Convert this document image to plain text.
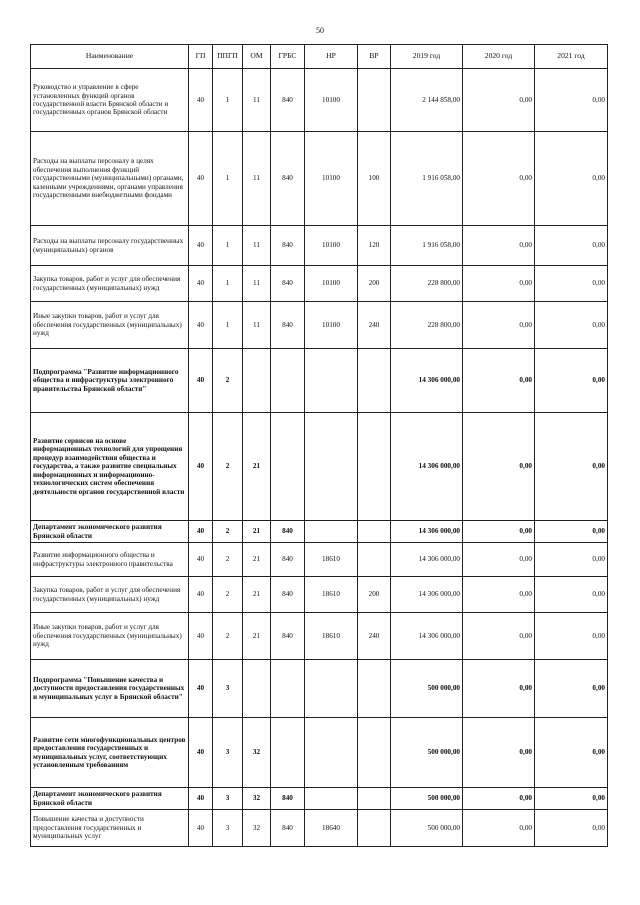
50
Наименование	ГП	ППГП	ОМ	ГРБС	НР	ВР	2019 год	2020 год	2021 год
Руководство и управление в сфере установленных функций органов государственной власти Брянской области и государственных органов Брянской области	40	1	11	840	10100		2 144 858,00	0,00	0,00
Расходы на выплаты персоналу в целях обеспечения выполнения функций государственными (муниципальными) органами, казенными учреждениями, органами управления государственными внебюджетными фондами	40	1	11	840	10100	100	1 916 058,00	0,00	0,00
Расходы на выплаты персоналу государственных (муниципальных) органов	40	1	11	840	10100	120	1 916 058,00	0,00	0,00
Закупка товаров, работ и услуг для обеспечения государственных (муниципальных) нужд	40	1	11	840	10100	200	228 800,00	0,00	0,00
Иные закупки товаров, работ и услуг для обеспечения государственных (муниципальных) нужд	40	1	11	840	10100	240	228 800,00	0,00	0,00
Подпрограмма "Развитие информационного общества и инфраструктуры электронного правительства Брянской области"	40	2					14 306 000,00	0,00	0,00
Развитие сервисов на основе информационных технологий для упрощения процедур взаимодействия общества и государства, а также развитие специальных информационных и информационно-технологических систем обеспечения деятельности органов государственной власти	40	2	21				14 306 000,00	0,00	0,00
Департамент экономического развития Брянской области	40	2	21	840			14 306 000,00	0,00	0,00
Развитие информационного общества и инфраструктуры электронного правительства	40	2	21	840	18610		14 306 000,00	0,00	0,00
Закупка товаров, работ и услуг для обеспечения государственных (муниципальных) нужд	40	2	21	840	18610	200	14 306 000,00	0,00	0,00
Иные закупки товаров, работ и услуг для обеспечения государственных (муниципальных) нужд	40	2	21	840	18610	240	14 306 000,00	0,00	0,00
Подпрограмма "Повышение качества и доступности предоставления государственных и муниципальных услуг в Брянской области"	40	3					500 000,00	0,00	0,00
Развитие сети многофункциональных центров предоставления государственных и муниципальных услуг, соответствующих установленным требованиям	40	3	32				500 000,00	0,00	0,00
Департамент экономического развития Брянской области	40	3	32	840			500 000,00	0,00	0,00
Повышение качества и доступности предоставления государственных и муниципальных услуг	40	3	32	840	18640		500 000,00	0,00	0,00
